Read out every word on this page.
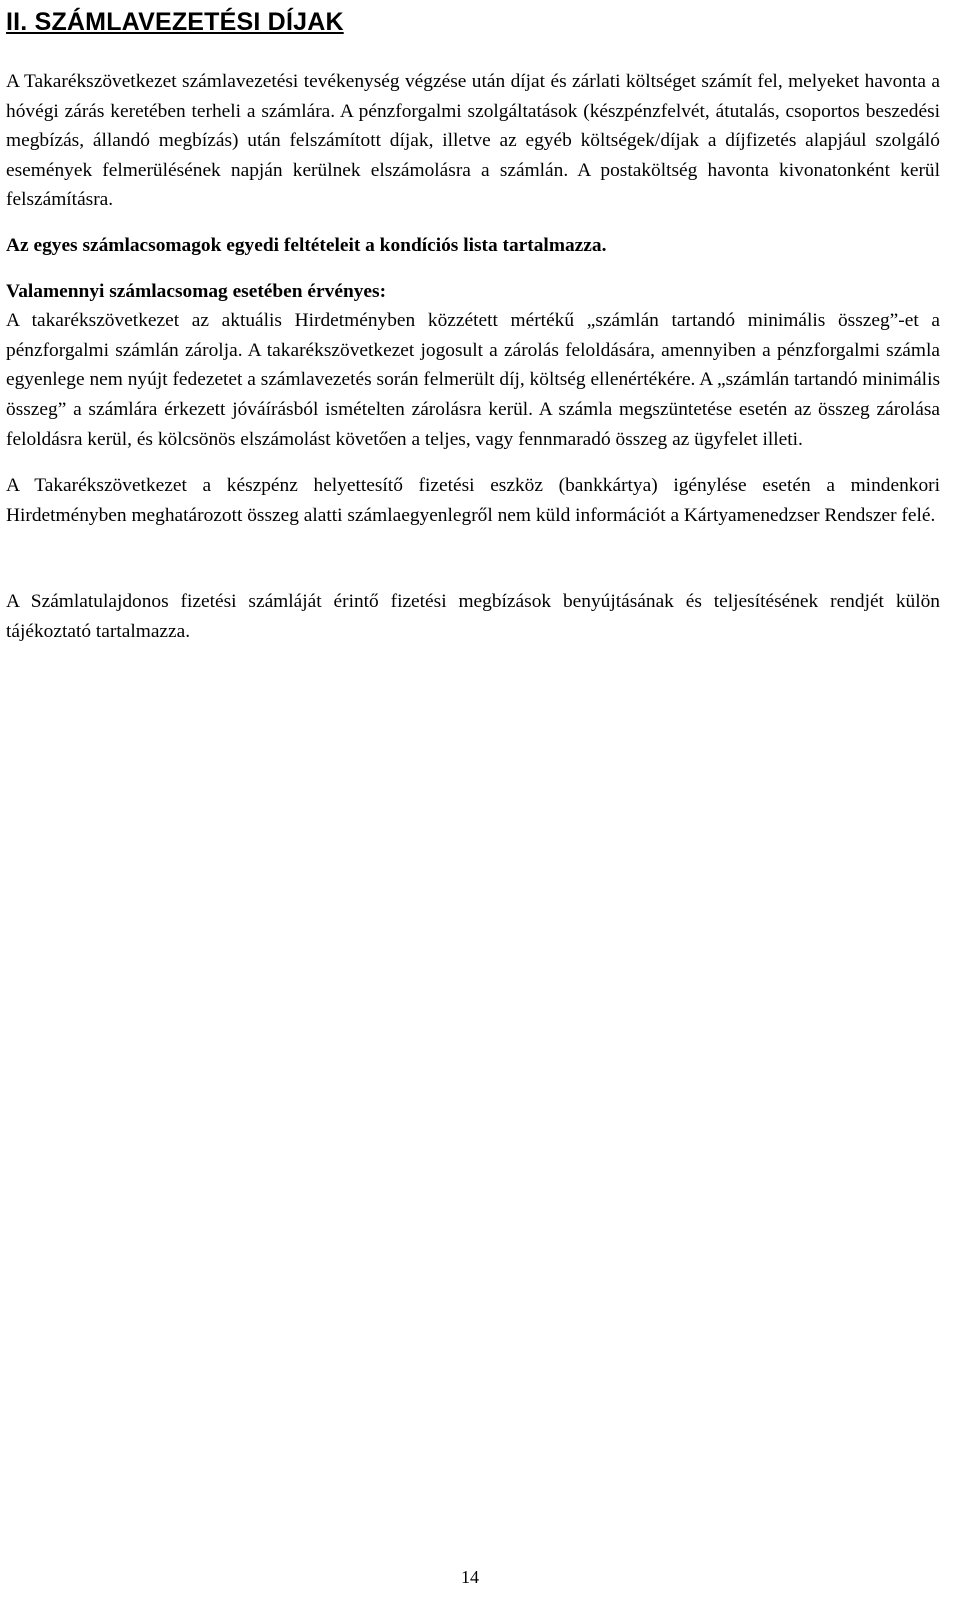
II. SZÁMLAVEZETÉSI DÍJAK

A Takarékszövetkezet számlavezetési tevékenység végzése után díjat és zárlati költséget számít fel, melyeket havonta a hóvégi zárás keretében terheli a számlára. A pénzforgalmi szolgáltatások (készpénzfelvét, átutalás, csoportos beszedési megbízás, állandó megbízás) után felszámított díjak, illetve az egyéb költségek/díjak a díjfizetés alapjául szolgáló események felmerülésének napján kerülnek elszámolásra a számlán. A postaköltség havonta kivonatonként kerül felszámításra.

Az egyes számlacsomagok egyedi feltételeit a kondíciós lista tartalmazza.

Valamennyi számlacsomag esetében érvényes:
A takarékszövetkezet az aktuális Hirdetményben közzétett mértékű „számlán tartandó minimális összeg”-et a pénzforgalmi számlán zárolja. A takarékszövetkezet jogosult a zárolás feloldására, amennyiben a pénzforgalmi számla egyenlege nem nyújt fedezetet a számlavezetés során felmerült díj, költség ellenértékére. A „számlán tartandó minimális összeg” a számlára érkezett jóváírásból ismételten zárolásra kerül. A számla megszüntetése esetén az összeg zárolása feloldásra kerül, és kölcsönös elszámolást követően a teljes, vagy fennmaradó összeg az ügyfelet illeti.

A Takarékszövetkezet a készpénz helyettesítő fizetési eszköz (bankkártya) igénylése esetén a mindenkori Hirdetményben meghatározott összeg alatti számlaegyenlegről nem küld információt a Kártyamenedzser Rendszer felé.

A Számlatulajdonos fizetési számláját érintő fizetési megbízások benyújtásának és teljesítésének rendjét külön tájékoztató tartalmazza.

14
